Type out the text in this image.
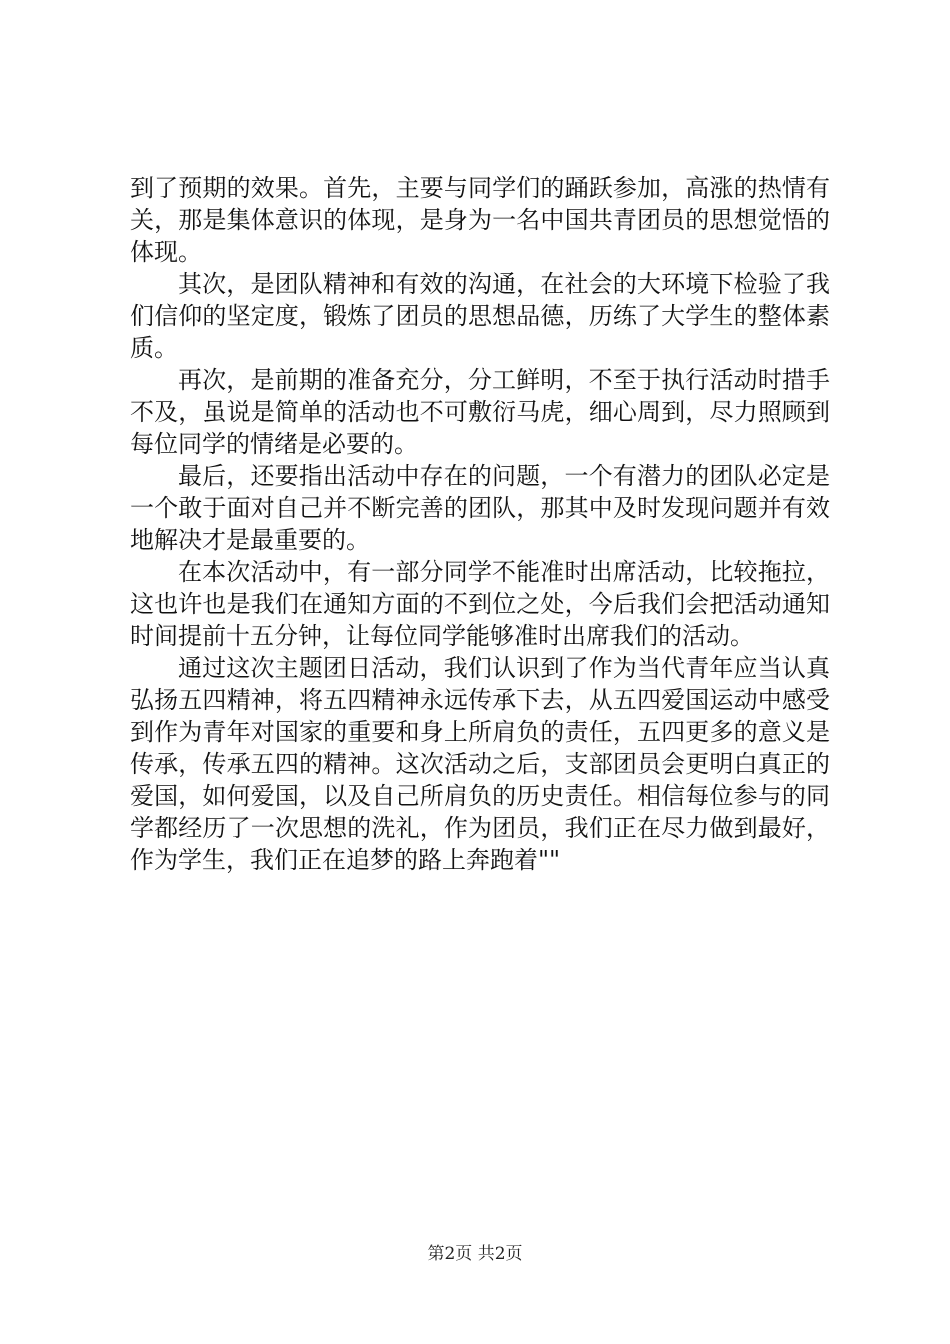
到了预期的效果。首先，主要与同学们的踊跃参加，高涨的热情有关，那是集体意识的体现，是身为一名中国共青团员的思想觉悟的体现。

其次，是团队精神和有效的沟通，在社会的大环境下检验了我们信仰的坚定度，锻炼了团员的思想品德，历练了大学生的整体素质。

再次，是前期的准备充分，分工鲜明，不至于执行活动时措手不及，虽说是简单的活动也不可敷衍马虎，细心周到，尽力照顾到每位同学的情绪是必要的。

最后，还要指出活动中存在的问题，一个有潜力的团队必定是一个敢于面对自己并不断完善的团队，那其中及时发现问题并有效地解决才是最重要的。

在本次活动中，有一部分同学不能准时出席活动，比较拖拉，这也许也是我们在通知方面的不到位之处，今后我们会把活动通知时间提前十五分钟，让每位同学能够准时出席我们的活动。

通过这次主题团日活动，我们认识到了作为当代青年应当认真弘扬五四精神，将五四精神永远传承下去，从五四爱国运动中感受到作为青年对国家的重要和身上所肩负的责任，五四更多的意义是传承，传承五四的精神。这次活动之后，支部团员会更明白真正的爱国，如何爱国，以及自己所肩负的历史责任。相信每位参与的同学都经历了一次思想的洗礼，作为团员，我们正在尽力做到最好，作为学生，我们正在追梦的路上奔跑着""

第2页 共2页
